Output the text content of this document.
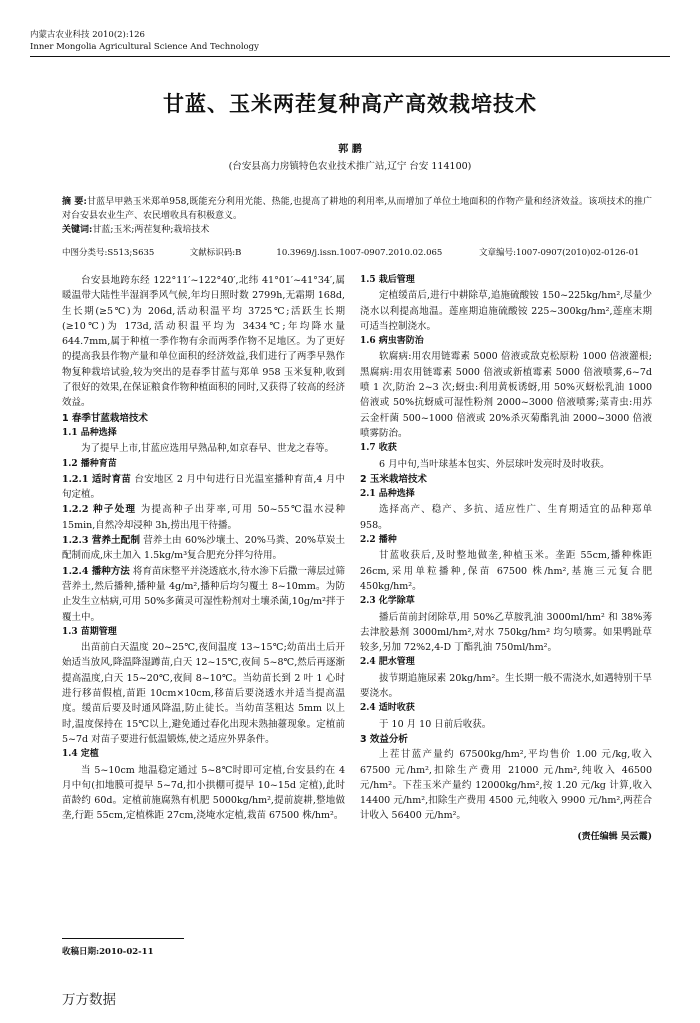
内蒙古农业科技 2010(2):126
Inner Mongolia Agricultural Science And Technology
甘蓝、玉米两茬复种高产高效栽培技术
郭 鹏
(台安县高力房镇特色农业技术推广站,辽宁 台安 114100)
摘 要:甘蓝早甲熟玉米郑单958,既能充分利用光能、热能,也提高了耕地的利用率,从而增加了单位土地面积的作物产量和经济效益。该项技术的推广对台安县农业生产、农民增收具有积极意义。
关键词:甘蓝;玉米;两茬复种;栽培技术
中图分类号:S513;S635	文献标识码:B	10.3969/j.issn.1007-0907.2010.02.065	文章编号:1007-0907(2010)02-0126-01

台安县地跨东经 122°11′~122°40′,北纬 41°01′~41°34′,属暖温带大陆性半湿润季风气候,年均日照时数 2799h,无霜期 168d,生长期(≥5℃)为 206d,活动积温平均 3725℃;活跃生长期(≥10℃)为 173d,活动积温平均为 3434℃;年均降水量 644.7mm,属于种植一季作物有余而两季作物不足地区。为了更好的提高我县作物产量和单位面积的经济效益,我们进行了两季早熟作物复种栽培试验,较为突出的是春季甘蓝与郑单 958 玉米复种,收到了很好的效果,在保证粮食作物种植面积的同时,又获得了较高的经济效益。

1 春季甘蓝栽培技术

1.1 品种选择

为了提早上市,甘蓝应选用早熟品种,如京春早、世龙之春等。

1.2 播种育苗

1.2.1 适时育苗 台安地区 2 月中旬进行日光温室播种育苗,4 月中旬定植。

1.2.2 种子处理 为提高种子出芽率,可用 50~55℃温水浸种 15min,自然冷却浸种 3h,捞出甩干待播。

1.2.3 营养土配制 营养土由 60%沙壤土、20%马粪、20%草炭土配制而成,床土加入 1.5kg/m³复合肥充分拌匀待用。

1.2.4 播种方法 将育苗床整平并浇透底水,待水渗下后撒一薄层过筛营养土,然后播种,播种量 4g/m²,播种后均匀覆土 8~10mm。为防止发生立枯病,可用 50%多菌灵可湿性粉剂对土壤杀菌,10g/m²拌于覆土中。

1.3 苗期管理

出苗前白天温度 20~25℃,夜间温度 13~15℃;幼苗出土后开始适当放风,降温降湿蹲苗,白天 12~15℃,夜间 5~8℃,然后再逐渐提高温度,白天 15~20℃,夜间 8~10℃。当幼苗长到 2 叶 1 心时进行移苗假植,苗距 10cm×10cm,移苗后要浇透水并适当提高温度。缓苗后要及时通风降温,防止徒长。当幼苗茎粗达 5mm 以上时,温度保持在 15℃以上,避免通过春化出现未熟抽薹现象。定植前 5~7d 对苗子要进行低温锻炼,使之适应外界条件。

1.4 定植

当 5~10cm 地温稳定通过 5~8℃时即可定植,台安县约在 4 月中旬(扣地膜可提早 5~7d,扣小拱棚可提早 10~15d 定植),此时苗龄约 60d。定植前施腐熟有机肥 5000kg/hm²,提前旋耕,整地做垄,行距 55cm,定植株距 27cm,浇埯水定植,栽苗 67500 株/hm²。

1.5 栽后管理

定植缓苗后,进行中耕除草,追施硫酸铵 150~225kg/hm²,尽量少浇水以利提高地温。莲座期追施硫酸铵 225~300kg/hm²,莲座末期可适当控制浇水。

1.6 病虫害防治

软腐病:用农用链霉素 5000 倍液或敌克松原粉 1000 倍液灌根;黑腐病:用农用链霉素 5000 倍液或新植霉素 5000 倍液喷雾,6~7d 喷 1 次,防治 2~3 次;蚜虫:利用黄板诱蚜,用 50%灭蚜松乳油 1000 倍液或 50%抗蚜威可湿性粉剂 2000~3000 倍液喷雾;菜青虫:用苏云金杆菌 500~1000 倍液或 20%杀灭菊酯乳油 2000~3000 倍液喷雾防治。

1.7 收获

6 月中旬,当叶球基本包实、外层球叶发亮时及时收获。

2 玉米栽培技术

2.1 品种选择

选择高产、稳产、多抗、适应性广、生育期适宜的品种郑单 958。

2.2 播种

甘蓝收获后,及时整地做垄,种植玉米。垄距 55cm,播种株距 26cm,采用单粒播种,保苗 67500 株/hm²,基施三元复合肥 450kg/hm²。

2.3 化学除草

播后苗前封闭除草,用 50%乙草胺乳油 3000ml/hm² 和 38%莠去津胶悬剂 3000ml/hm²,对水 750kg/hm² 均匀喷雾。如果鸭趾草较多,另加 72%2,4-D 丁酯乳油 750ml/hm²。

2.4 肥水管理

拔节期追施尿素 20kg/hm²。生长期一般不需浇水,如遇特别干旱要浇水。

2.4 适时收获

于 10 月 10 日前后收获。

3 效益分析

上茬甘蓝产量约 67500kg/hm²,平均售价 1.00 元/kg,收入 67500 元/hm²,扣除生产费用 21000 元/hm²,纯收入 46500 元/hm²。下茬玉米产量约 12000kg/hm²,按 1.20 元/kg 计算,收入 14400 元/hm²,扣除生产费用 4500 元,纯收入 9900 元/hm²,两茬合计收入 56400 元/hm²。

(责任编辑 吴云霞)

收稿日期:2010-02-11
万方数据
